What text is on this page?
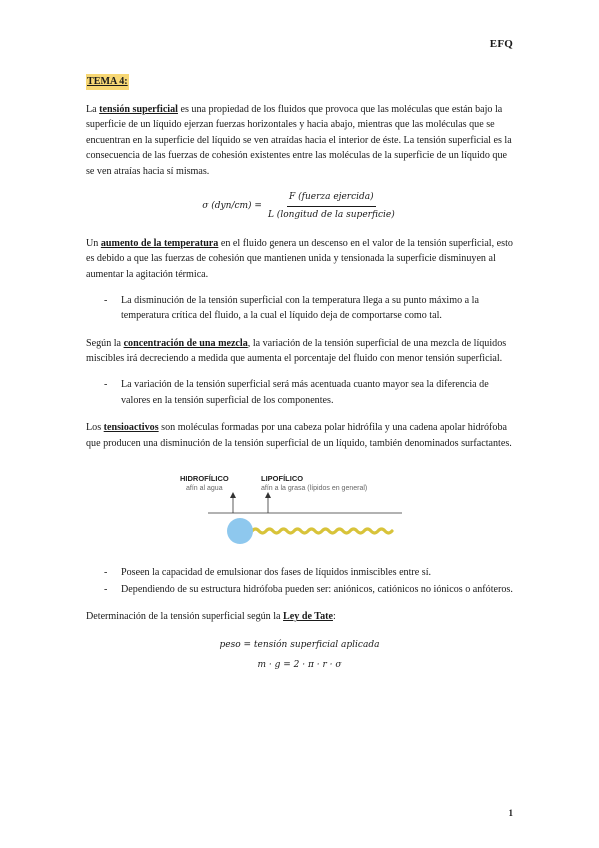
EFQ
TEMA 4:

La tensión superficial es una propiedad de los fluidos que provoca que las moléculas que están bajo la superficie de un líquido ejerzan fuerzas horizontales y hacia abajo, mientras que las moléculas que se encuentran en la superficie del líquido se ven atraídas hacia el interior de éste. La tensión superficial es la consecuencia de las fuerzas de cohesión existentes entre las moléculas de la superficie de un líquido que se ven atraías hacia sí mismas.

σ $(dyn/cm) = \frac{\text{F (fuerza ejercida)}}{\text{L (longitud de la superficie)}}$

Un aumento de la temperatura en el fluido genera un descenso en el valor de la tensión superficial, esto es debido a que las fuerzas de cohesión que mantienen unida y tensionada la superficie disminuyen al aumentar la agitación térmica.

- La disminución de la tensión superficial con la temperatura llega a su punto máximo a la temperatura crítica del fluido, a la cual el líquido deja de comportarse como tal.

Según la concentración de una mezcla, la variación de la tensión superficial de una mezcla de líquidos miscibles irá decreciendo a medida que aumenta el porcentaje del fluido con menor tensión superficial.

- La variación de la tensión superficial será más acentuada cuanto mayor sea la diferencia de valores en la tensión superficial de los componentes.

Los tensioactivos son moléculas formadas por una cabeza polar hidrófila y una cadena apolar hidrófoba que producen una disminución de la tensión superficial de un líquido, también denominados surfactantes.

HIDROFÍLICO
afín al agua
LIPOFÍLICO
afín a la grasa (lípidos en general)
- Poseen la capacidad de emulsionar dos fases de líquidos inmiscibles entre sí.
- Dependiendo de su estructura hidrófoba pueden ser: aniónicos, catiónicos no iónicos o anfóteros.

Determinación de la tensión superficial según la Ley de Tate:

peso = tensión superficial aplicada

m · g = 2 · π · r · σ

1
